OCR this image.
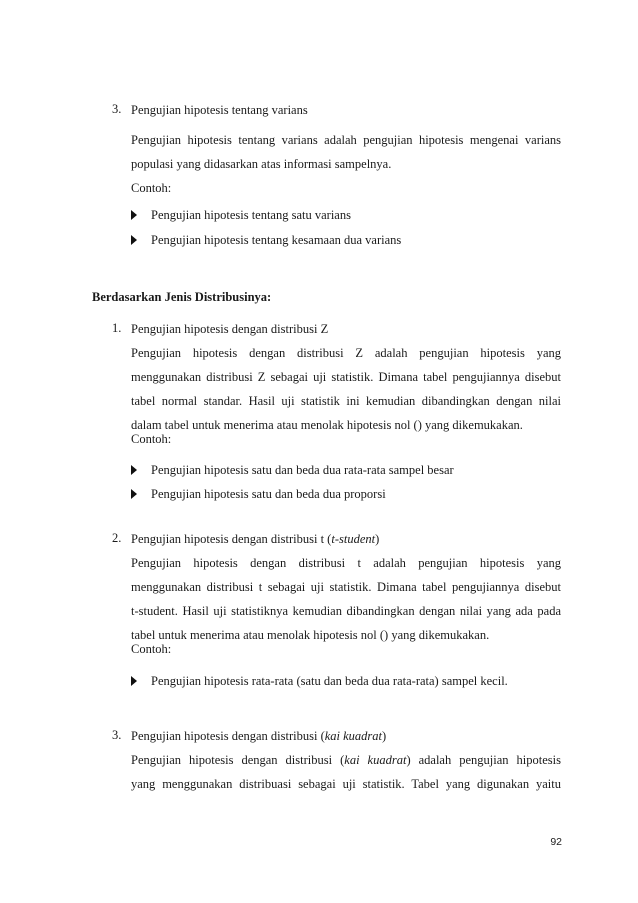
3. Pengujian hipotesis tentang varians
Pengujian hipotesis tentang varians adalah pengujian hipotesis mengenai varians
populasi yang didasarkan atas informasi sampelnya.
Contoh:
Pengujian hipotesis tentang satu varians
Pengujian hipotesis tentang kesamaan dua varians
Berdasarkan Jenis Distribusinya:
1. Pengujian hipotesis dengan distribusi Z
Pengujian hipotesis dengan distribusi Z adalah pengujian hipotesis yang
menggunakan distribusi Z sebagai uji statistik. Dimana tabel pengujiannya disebut
tabel normal standar. Hasil uji statistik ini kemudian dibandingkan dengan nilai
dalam tabel untuk menerima atau menolak hipotesis nol () yang dikemukakan.
Contoh:
Pengujian hipotesis satu dan beda dua rata-rata sampel besar
Pengujian hipotesis satu dan beda dua proporsi
2. Pengujian hipotesis dengan distribusi t (t-student)
Pengujian hipotesis dengan distribusi t adalah pengujian hipotesis yang
menggunakan distribusi t sebagai uji statistik. Dimana tabel pengujiannya disebut
t-student. Hasil uji statistiknya kemudian dibandingkan dengan nilai yang ada pada
tabel untuk menerima atau menolak hipotesis nol () yang dikemukakan.
Contoh:
Pengujian hipotesis rata-rata (satu dan beda dua rata-rata) sampel kecil.
3. Pengujian hipotesis dengan distribusi (kai kuadrat)
Pengujian hipotesis dengan distribusi (kai kuadrat) adalah pengujian hipotesis
yang menggunakan distribuasi sebagai uji statistik. Tabel yang digunakan yaitu
92
